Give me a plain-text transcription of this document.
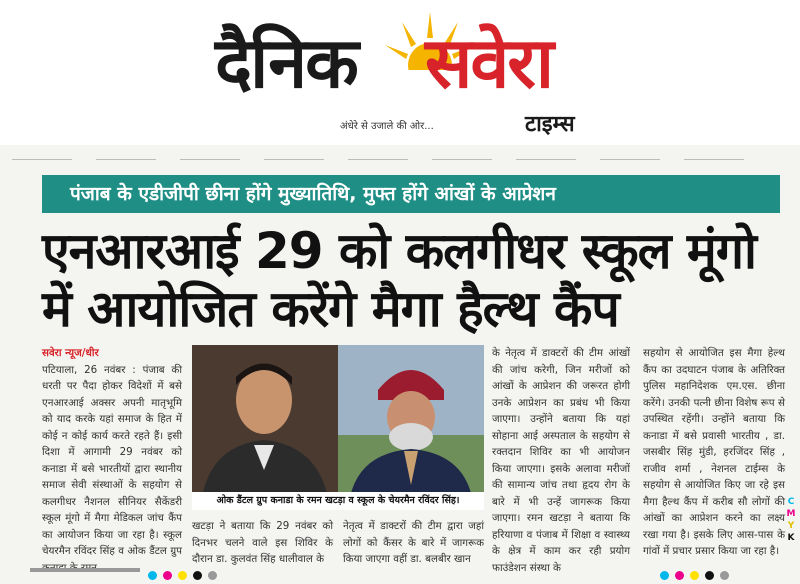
दैनिक सवेरा
अंधेरे से उजाले की ओर...	टाइम्स
पंजाब के एडीजीपी छीना होंगे मुख्यातिथि, मुफ्त होंगे आंखों के आप्रेशन
एनआरआई 29 को कलगीधर स्कूल मूंगो
में आयोजित करेंगे मैगा हैल्थ कैंप
सवेरा न्यूज/धीर
पटियाला, 26 नवंबर : पंजाब की धरती पर पैदा होकर विदेशों में बसे एनआरआई अक्सर अपनी मातृभूमि को याद करके यहां समाज के हित में कोई न कोई कार्य करते रहते हैं। इसी दिशा में आगामी 29 नवंबर को कनाडा में बसे भारतीयों द्वारा स्थानीय समाज सेवी संस्थाओं के सहयोग से कलगीधर नैशनल सीनियर सैकेंडरी स्कूल मूंगो में मैगा मेडिकल जांच कैंप का आयोजन किया जा रहा है। स्कूल चेयरमैन रविंदर सिंह व ओक डैंटल ग्रुप
ओक डैंटल ग्रुप कनाडा के रमन खटड़ा व स्कूल के चेयरमैन रविंदर सिंह।
खटड़ा ने बताया कि 29 नवंबर को दिनभर चलने वाले इस शिविर के दौरान डा. कुलवंत सिंह धालीवाल के
नेतृत्व में डाक्टरों की टीम द्वारा जहां लोगों को कैंसर के बारे में जागरूक किया जाएगा वहीं डा. बलबीर खान
के नेतृत्व में डाक्टरों की टीम आंखों की जांच करेगी, जिन मरीजों को आंखों के आप्रेशन की जरूरत होगी उनके आप्रेशन का प्रबंध भी किया जाएगा। उन्होंने बताया कि यहां सोहाना आई अस्पताल के सहयोग से रक्तदान शिविर का भी आयोजन किया जाएगा। इसके अलावा मरीजों की सामान्य जांच तथा हृदय रोग के बारे में भी उन्हें जागरूक किया जाएगा। रमन खटड़ा ने बताया कि हरियाणा व पंजाब में शिक्षा व स्वास्थ्य के क्षेत्र में काम कर रही प्रयोग फाउंडेशन संस्था के
सहयोग से आयोजित इस मैगा हेल्थ कैंप का उदघाटन पंजाब के अतिरिक्त पुलिस महानिदेशक एम.एस. छीना करेंगे। उनकी पत्नी छीना विशेष रूप से उपस्थित रहेंगी। उन्होंने बताया कि कनाडा में बसे प्रवासी भारतीय , डा. जसबीर सिंह मुंडी, हरजिंदर सिंह , राजीव शर्मा , नेशनल टाईम्स के सहयोग से आयोजित किए जा रहे इस मैगा हैल्थ कैंप में करीब सौ लोगों की आंखों का आप्रेशन करने का लक्ष्य रखा गया है। इसके लिए आस-पास के गांवों में प्रचार प्रसार किया जा रहा है।
C
M
Y
K
